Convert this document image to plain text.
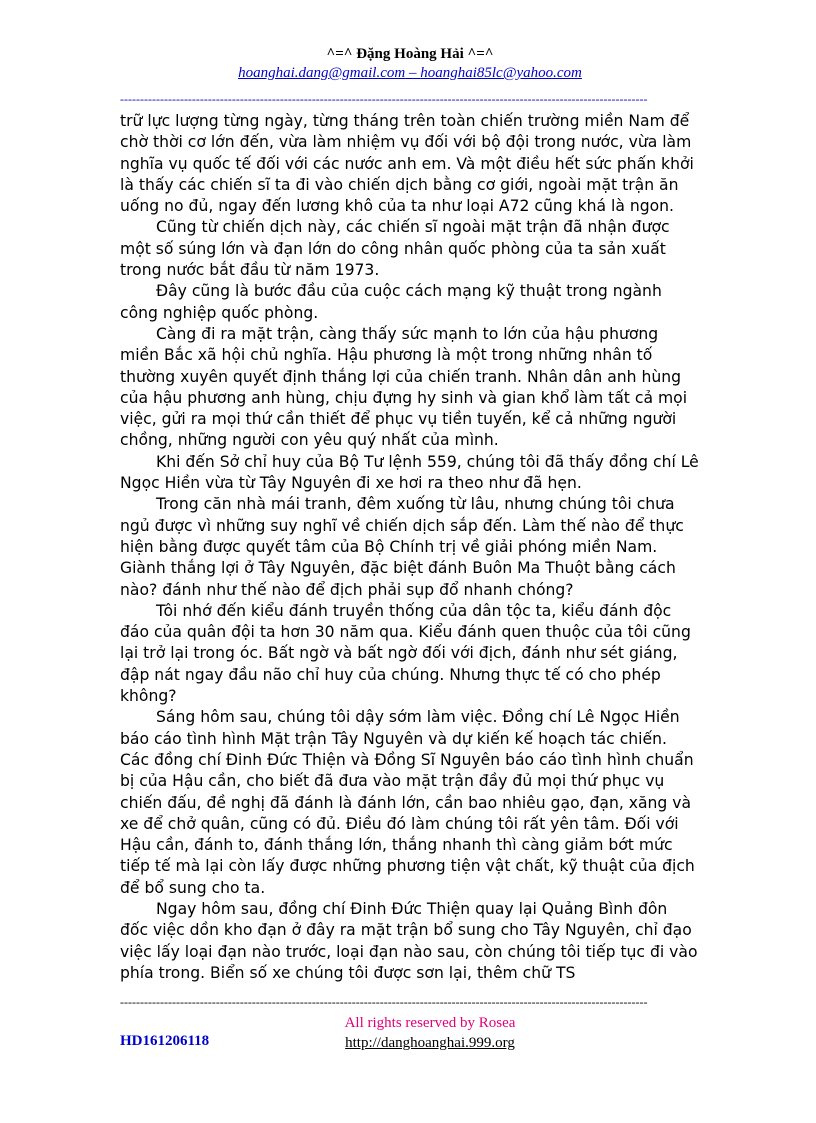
^=^ Đặng Hoàng Hải ^=^
hoanghai.dang@gmail.com – hoanghai85lc@yahoo.com
------------------------------------------------------------------------------------------------------------------------------------

trữ lực lượng từng ngày, từng tháng trên toàn chiến trường miền Nam để chờ thời cơ lớn đến, vừa làm nhiệm vụ đối với bộ đội trong nước, vừa làm nghĩa vụ quốc tế đối với các nước anh em. Và một điều hết sức phấn khởi là thấy các chiến sĩ ta đi vào chiến dịch bằng cơ giới, ngoài mặt trận ăn uống no đủ, ngay đến lương khô của ta như loại A72 cũng khá là ngon.

Cũng từ chiến dịch này, các chiến sĩ ngoài mặt trận đã nhận được một số súng lớn và đạn lớn do công nhân quốc phòng của ta sản xuất trong nước bắt đầu từ năm 1973.

Đây cũng là bước đầu của cuộc cách mạng kỹ thuật trong ngành công nghiệp quốc phòng.

Càng đi ra mặt trận, càng thấy sức mạnh to lớn của hậu phương miền Bắc xã hội chủ nghĩa. Hậu phương là một trong những nhân tố thường xuyên quyết định thắng lợi của chiến tranh. Nhân dân anh hùng của hậu phương anh hùng, chịu đựng hy sinh và gian khổ làm tất cả mọi việc, gửi ra mọi thứ cần thiết để phục vụ tiền tuyến, kể cả những người chồng, những người con yêu quý nhất của mình.

Khi đến Sở chỉ huy của Bộ Tư lệnh 559, chúng tôi đã thấy đồng chí Lê Ngọc Hiền vừa từ Tây Nguyên đi xe hơi ra theo như đã hẹn.

Trong căn nhà mái tranh, đêm xuống từ lâu, nhưng chúng tôi chưa ngủ được vì những suy nghĩ về chiến dịch sắp đến. Làm thế nào để thực hiện bằng được quyết tâm của Bộ Chính trị về giải phóng miền Nam. Giành thắng lợi ở Tây Nguyên, đặc biệt đánh Buôn Ma Thuột bằng cách nào? đánh như thế nào để địch phải sụp đổ nhanh chóng?

Tôi nhớ đến kiểu đánh truyền thống của dân tộc ta, kiểu đánh độc đáo của quân đội ta hơn 30 năm qua. Kiểu đánh quen thuộc của tôi cũng lại trở lại trong óc. Bất ngờ và bất ngờ đối với địch, đánh như sét giáng, đập nát ngay đầu não chỉ huy của chúng. Nhưng thực tế có cho phép không?

Sáng hôm sau, chúng tôi dậy sớm làm việc. Đồng chí Lê Ngọc Hiền báo cáo tình hình Mặt trận Tây Nguyên và dự kiến kế hoạch tác chiến. Các đồng chí Đinh Đức Thiện và Đồng Sĩ Nguyên báo cáo tình hình chuẩn bị của Hậu cần, cho biết đã đưa vào mặt trận đầy đủ mọi thứ phục vụ chiến đấu, đề nghị đã đánh là đánh lớn, cần bao nhiêu gạo, đạn, xăng và xe để chở quân, cũng có đủ. Điều đó làm chúng tôi rất yên tâm. Đối với Hậu cần, đánh to, đánh thắng lớn, thắng nhanh thì càng giảm bớt mức tiếp tế mà lại còn lấy được những phương tiện vật chất, kỹ thuật của địch để bổ sung cho ta.

Ngay hôm sau, đồng chí Đinh Đức Thiện quay lại Quảng Bình đôn đốc việc dồn kho đạn ở đây ra mặt trận bổ sung cho Tây Nguyên, chỉ đạo việc lấy loại đạn nào trước, loại đạn nào sau, còn chúng tôi tiếp tục đi vào phía trong. Biển số xe chúng tôi được sơn lại, thêm chữ TS

------------------------------------------------------------------------------------------------------------------------------------
All rights reserved by Rosea
http://danghoanghai.999.org
HD161206118
